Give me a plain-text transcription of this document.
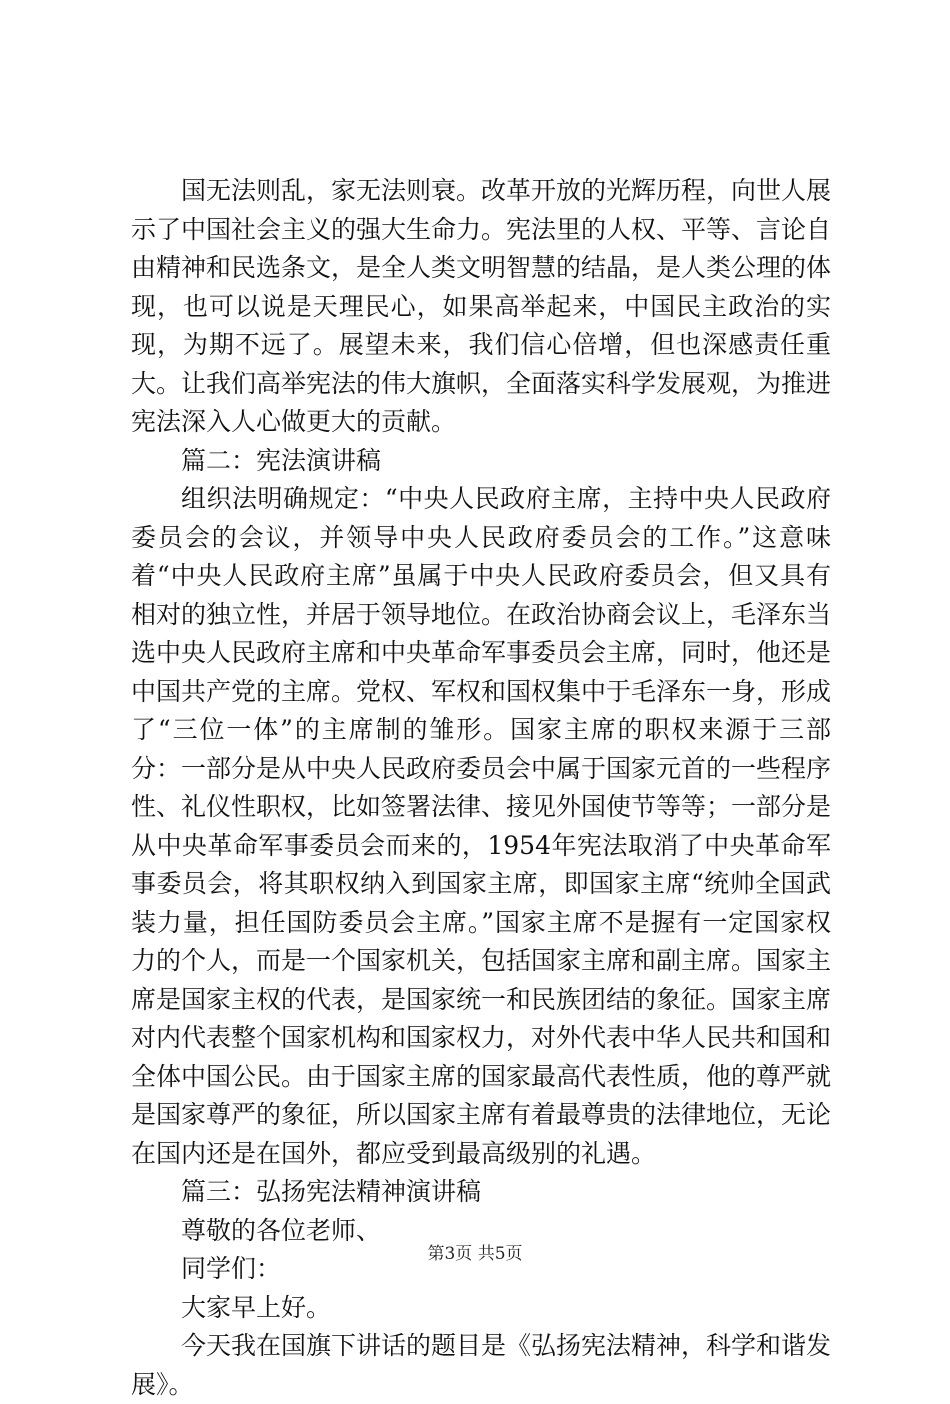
国无法则乱，家无法则衰。改革开放的光辉历程，向世人展示了中国社会主义的强大生命力。宪法里的人权、平等、言论自由精神和民选条文，是全人类文明智慧的结晶，是人类公理的体现，也可以说是天理民心，如果高举起来，中国民主政治的实现，为期不远了。展望未来，我们信心倍增，但也深感责任重大。让我们高举宪法的伟大旗帜，全面落实科学发展观，为推进宪法深入人心做更大的贡献。

篇二：宪法演讲稿

组织法明确规定：“中央人民政府主席，主持中央人民政府委员会的会议，并领导中央人民政府委员会的工作。”这意味着“中央人民政府主席”虽属于中央人民政府委员会，但又具有相对的独立性，并居于领导地位。在政治协商会议上，毛泽东当选中央人民政府主席和中央革命军事委员会主席，同时，他还是中国共产党的主席。党权、军权和国权集中于毛泽东一身，形成了“三位一体”的主席制的雏形。国家主席的职权来源于三部分：一部分是从中央人民政府委员会中属于国家元首的一些程序性、礼仪性职权，比如签署法律、接见外国使节等等；一部分是从中央革命军事委员会而来的，1954年宪法取消了中央革命军事委员会，将其职权纳入到国家主席，即国家主席“统帅全国武装力量，担任国防委员会主席。”国家主席不是握有一定国家权力的个人，而是一个国家机关，包括国家主席和副主席。国家主席是国家主权的代表，是国家统一和民族团结的象征。国家主席对内代表整个国家机构和国家权力，对外代表中华人民共和国和全体中国公民。由于国家主席的国家最高代表性质，他的尊严就是国家尊严的象征，所以国家主席有着最尊贵的法律地位，无论在国内还是在国外，都应受到最高级别的礼遇。

篇三：弘扬宪法精神演讲稿

尊敬的各位老师、

同学们：

大家早上好。

今天我在国旗下讲话的题目是《弘扬宪法精神，科学和谐发展》。

第3页 共5页
